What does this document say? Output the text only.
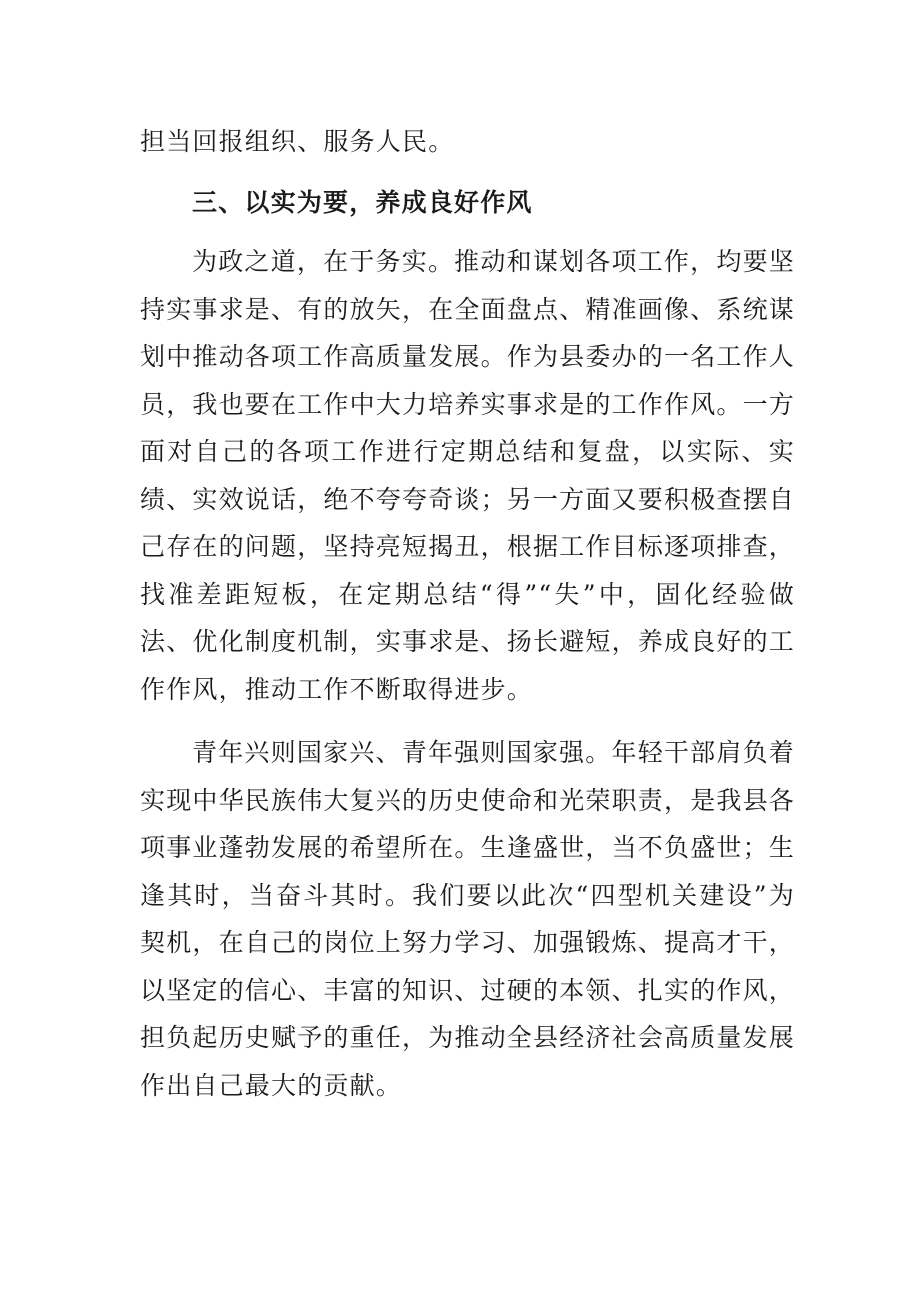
担当回报组织、服务人民。

三、以实为要，养成良好作风

为政之道，在于务实。推动和谋划各项工作，均要坚持实事求是、有的放矢，在全面盘点、精准画像、系统谋划中推动各项工作高质量发展。作为县委办的一名工作人员，我也要在工作中大力培养实事求是的工作作风。一方面对自己的各项工作进行定期总结和复盘，以实际、实绩、实效说话，绝不夸夸奇谈；另一方面又要积极查摆自己存在的问题，坚持亮短揭丑，根据工作目标逐项排查，找准差距短板，在定期总结“得”“失”中，固化经验做法、优化制度机制，实事求是、扬长避短，养成良好的工作作风，推动工作不断取得进步。

青年兴则国家兴、青年强则国家强。年轻干部肩负着实现中华民族伟大复兴的历史使命和光荣职责，是我县各项事业蓬勃发展的希望所在。生逢盛世，当不负盛世；生逢其时，当奋斗其时。我们要以此次“四型机关建设”为契机，在自己的岗位上努力学习、加强锻炼、提高才干，以坚定的信心、丰富的知识、过硬的本领、扎实的作风，担负起历史赋予的重任，为推动全县经济社会高质量发展作出自己最大的贡献。
